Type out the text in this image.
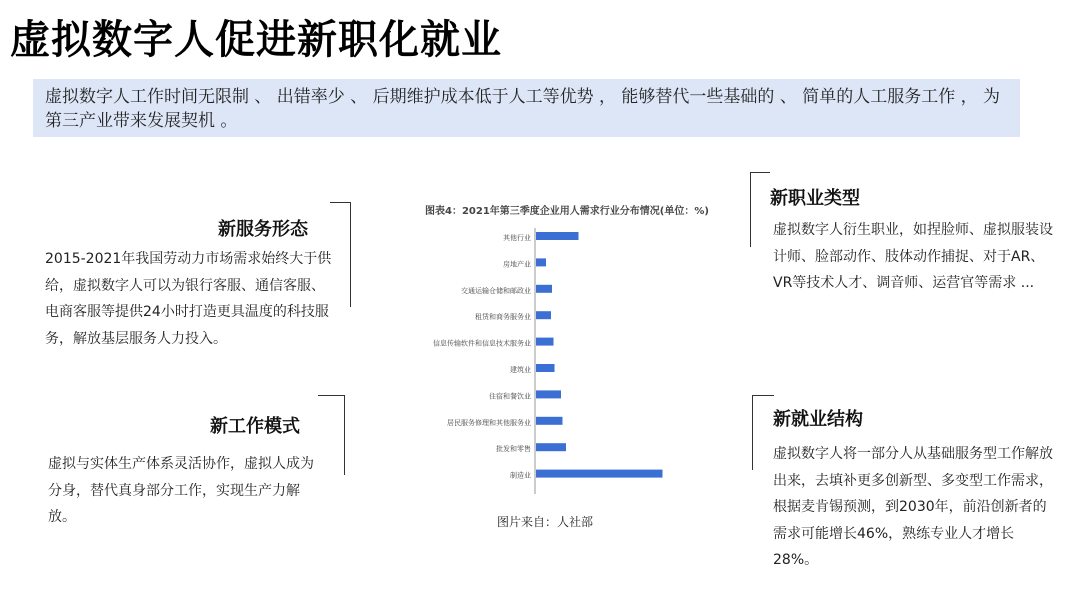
虚拟数字人促进新职化就业
虚拟数字人工作时间无限制 、 出错率少 、 后期维护成本低于人工等优势 ， 能够替代一些基础的 、 简单的人工服务工作 ， 为第三产业带来发展契机 。
新服务形态
2015-2021年我国劳动力市场需求始终大于供给，虚拟数字人可以为银行客服、通信客服、电商客服等提供24小时打造更具温度的科技服务，解放基层服务人力投入。
新工作模式
虚拟与实体生产体系灵活协作，虚拟人成为分身，替代真身部分工作，实现生产力解放。
新职业类型
虚拟数字人衍生职业，如捏脸师、虚拟服装设计师、脸部动作、肢体动作捕捉、对于AR、VR等技术人才、调音师、运营官等需求 ...
新就业结构
虚拟数字人将一部分人从基础服务型工作解放出来，去填补更多创新型、多变型工作需求，根据麦肯锡预测，到2030年，前沿创新者的需求可能增长46%，熟练专业人才增长28%。
图表4：2021年第三季度企业用人需求行业分布情况(单位：%)
其他行业
房地产业
交通运输仓储和邮政业
租赁和商务服务业
信息传输软件和信息技术服务业
建筑业
住宿和餐饮业
居民服务修理和其他服务业
批发和零售
制造业
图片来自：人社部
